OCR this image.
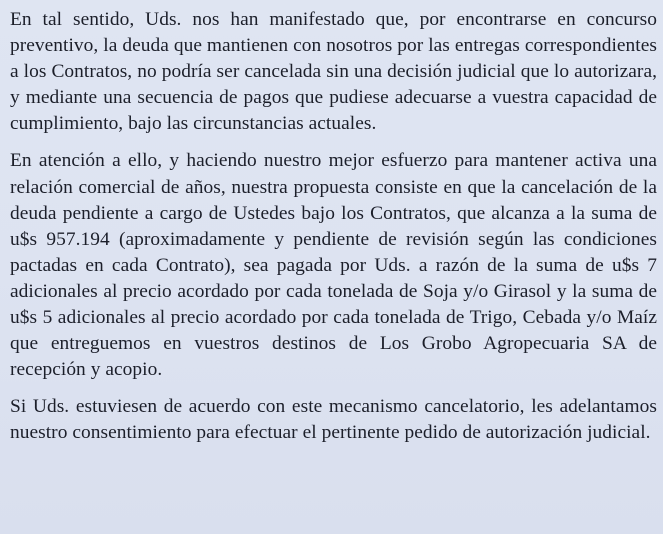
En tal sentido, Uds. nos han manifestado que, por encontrarse en concurso preventivo, la deuda que mantienen con nosotros por las entregas correspondientes a los Contratos, no podría ser cancelada sin una decisión judicial que lo autorizara, y mediante una secuencia de pagos que pudiese adecuarse a vuestra capacidad de cumplimiento, bajo las circunstancias actuales.

En atención a ello, y haciendo nuestro mejor esfuerzo para mantener activa una relación comercial de años, nuestra propuesta consiste en que la cancelación de la deuda pendiente a cargo de Ustedes bajo los Contratos, que alcanza a la suma de u$s 957.194 (aproximadamente y pendiente de revisión según las condiciones pactadas en cada Contrato), sea pagada por Uds. a razón de la suma de u$s 7 adicionales al precio acordado por cada tonelada de Soja y/o Girasol y la suma de u$s 5 adicionales al precio acordado por cada tonelada de Trigo, Cebada y/o Maíz que entreguemos en vuestros destinos de Los Grobo Agropecuaria SA de recepción y acopio.

Si Uds. estuviesen de acuerdo con este mecanismo cancelatorio, les adelantamos nuestro consentimiento para efectuar el pertinente pedido de autorización judicial.
